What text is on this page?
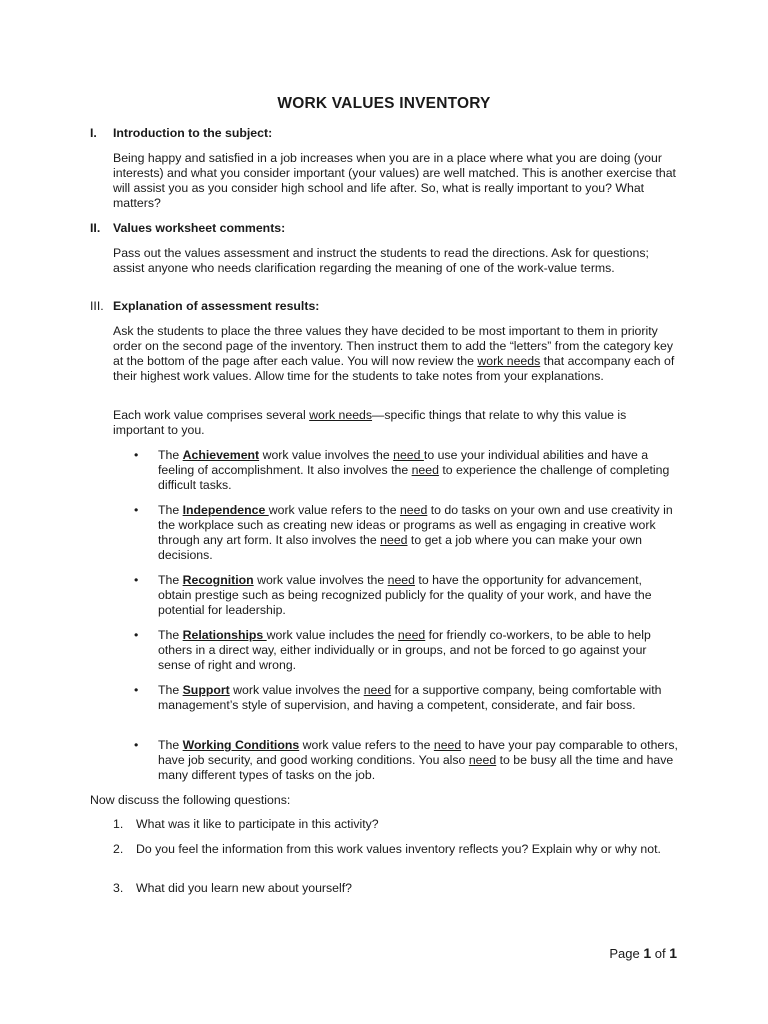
WORK VALUES INVENTORY
I. Introduction to the subject:
Being happy and satisfied in a job increases when you are in a place where what you are doing (your interests) and what you consider important (your values) are well matched. This is another exercise that will assist you as you consider high school and life after. So, what is really important to you? What matters?
II. Values worksheet comments:
Pass out the values assessment and instruct the students to read the directions. Ask for questions; assist anyone who needs clarification regarding the meaning of one of the work-value terms.
III. Explanation of assessment results:
Ask the students to place the three values they have decided to be most important to them in priority order on the second page of the inventory. Then instruct them to add the “letters” from the category key at the bottom of the page after each value. You will now review the work needs that accompany each of their highest work values. Allow time for the students to take notes from your explanations.
Each work value comprises several work needs—specific things that relate to why this value is important to you.
• The Achievement work value involves the need to use your individual abilities and have a feeling of accomplishment. It also involves the need to experience the challenge of completing difficult tasks.
• The Independence work value refers to the need to do tasks on your own and use creativity in the workplace such as creating new ideas or programs as well as engaging in creative work through any art form. It also involves the need to get a job where you can make your own decisions.
• The Recognition work value involves the need to have the opportunity for advancement, obtain prestige such as being recognized publicly for the quality of your work, and have the potential for leadership.
• The Relationships work value includes the need for friendly co-workers, to be able to help others in a direct way, either individually or in groups, and not be forced to go against your sense of right and wrong.
• The Support work value involves the need for a supportive company, being comfortable with management’s style of supervision, and having a competent, considerate, and fair boss.
• The Working Conditions work value refers to the need to have your pay comparable to others, have job security, and good working conditions. You also need to be busy all the time and have many different types of tasks on the job.
Now discuss the following questions:
1. What was it like to participate in this activity?
2. Do you feel the information from this work values inventory reflects you? Explain why or why not.
3. What did you learn new about yourself?
Page 1 of 1
